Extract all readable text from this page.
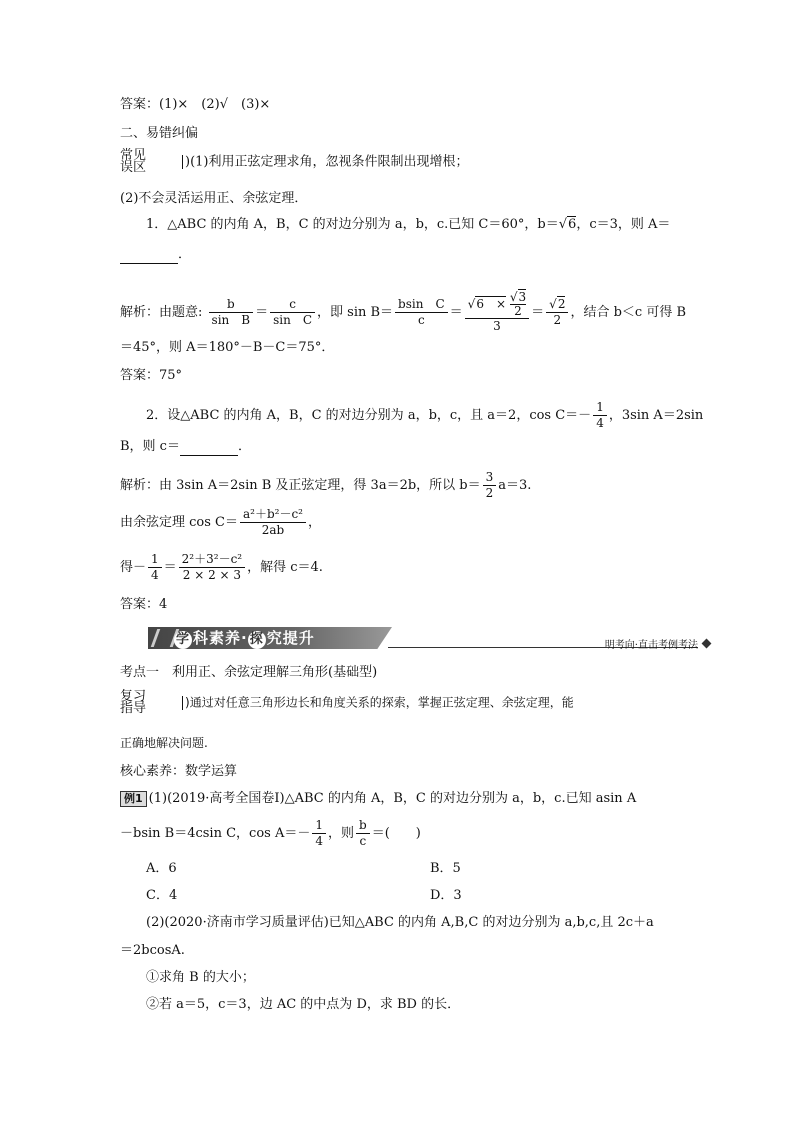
答案：(1)×　(2)√　(3)×
二、易错纠偏
常见
误区	)(1)利用正弦定理求角，忽视条件限制出现增根；
(2)不会灵活运用正、余弦定理．
1．△ABC 的内角 A，B，C 的对边分别为 a，b，c.已知 C＝60°，b＝√6，c＝3，则 A＝
．
解析：由题意: $\frac{b}{\text{sin　B}} = \frac{c}{\text{sin　C}}$ ，即 $\sin B= \frac{\text{bsin　C}}{c} = \frac{√6 \times \frac{√3}{2}}{3} = \frac{√2}{2}$ ，结合 b＜c 可得 B
＝45°，则 A＝180°－B－C＝75°．
答案：75°
2．设△ABC 的内角 A，B，C 的对边分别为 a，b，c，且 a＝2，$\cos C=- \frac{1}{4}$ ，3sin A＝2sin
B，则 c＝	．
解析：由 3sin A＝2sin B 及正弦定理，得 3a＝2b，所以 $b= \frac{3}{2} a=3$.
由余弦定理 $\cos C= \frac{\text{a²＋b²－c²}}{2ab}$ ，
得－ $\frac{1}{4} = \frac{\text{2²＋3²－c²}}{2 \times 2 \times 3}$ ，解得 c＝4.
答案：4
学 科素养· 探 究提升	明考向·直击考例考法
考点一　利用正、余弦定理解三角形(基础型)
复习
指导	)通过对任意三角形边长和角度关系的探索，掌握正弦定理、余弦定理，能
正确地解决问题.
核心素养：数学运算
例1 (1)(2019·高考全国卷Ⅰ)△ABC 的内角 A，B，C 的对边分别为 a，b，c.已知 asin A
－bsin B＝4csin C，$\cos A=- \frac{1}{4}$ ，则 $\frac{b}{c}$ ＝(　　)
A．6	B．5
C．4	D．3
(2)(2020·济南市学习质量评估)已知△ABC 的内角 A,B,C 的对边分别为 a,b,c,且 2c＋a
＝2bcosA.
①求角 B 的大小；
②若 a＝5，c＝3，边 AC 的中点为 D，求 BD 的长．
